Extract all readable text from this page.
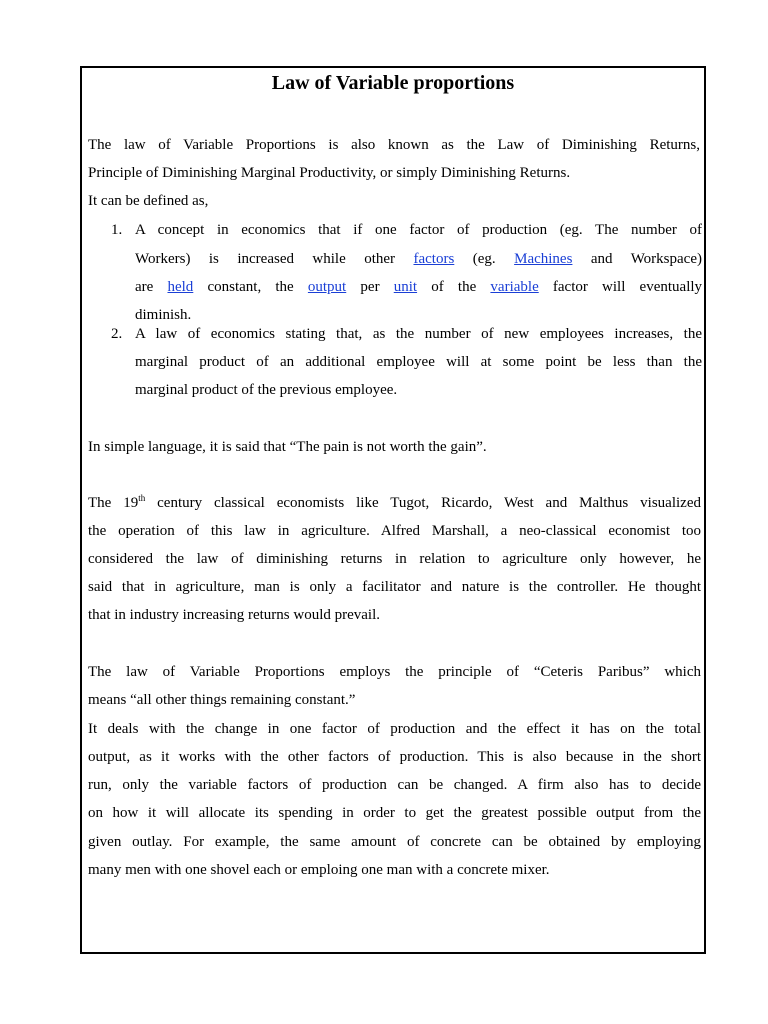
Law of Variable proportions
The law of Variable Proportions is also known as the Law of Diminishing Returns,
Principle of Diminishing Marginal Productivity, or simply Diminishing Returns.
It can be defined as,
1. A concept in economics that if one factor of production (eg. The number of
Workers) is increased while other factors (eg. Machines and Workspace)
are held constant, the output per unit of the variable factor will eventually
diminish.
2. A law of economics stating that, as the number of new employees increases, the
marginal product of an additional employee will at some point be less than the
marginal product of the previous employee.
In simple language, it is said that “The pain is not worth the gain”.
The 19th century classical economists like Tugot, Ricardo, West and Malthus visualized
the operation of this law in agriculture. Alfred Marshall, a neo-classical economist too
considered the law of diminishing returns in relation to agriculture only however, he
said that in agriculture, man is only a facilitator and nature is the controller. He thought
that in industry increasing returns would prevail.
The law of Variable Proportions employs the principle of “Ceteris Paribus” which
means “all other things remaining constant.”
It deals with the change in one factor of production and the effect it has on the total
output, as it works with the other factors of production. This is also because in the short
run, only the variable factors of production can be changed. A firm also has to decide
on how it will allocate its spending in order to get the greatest possible output from the
given outlay. For example, the same amount of concrete can be obtained by employing
many men with one shovel each or emploing one man with a concrete mixer.
